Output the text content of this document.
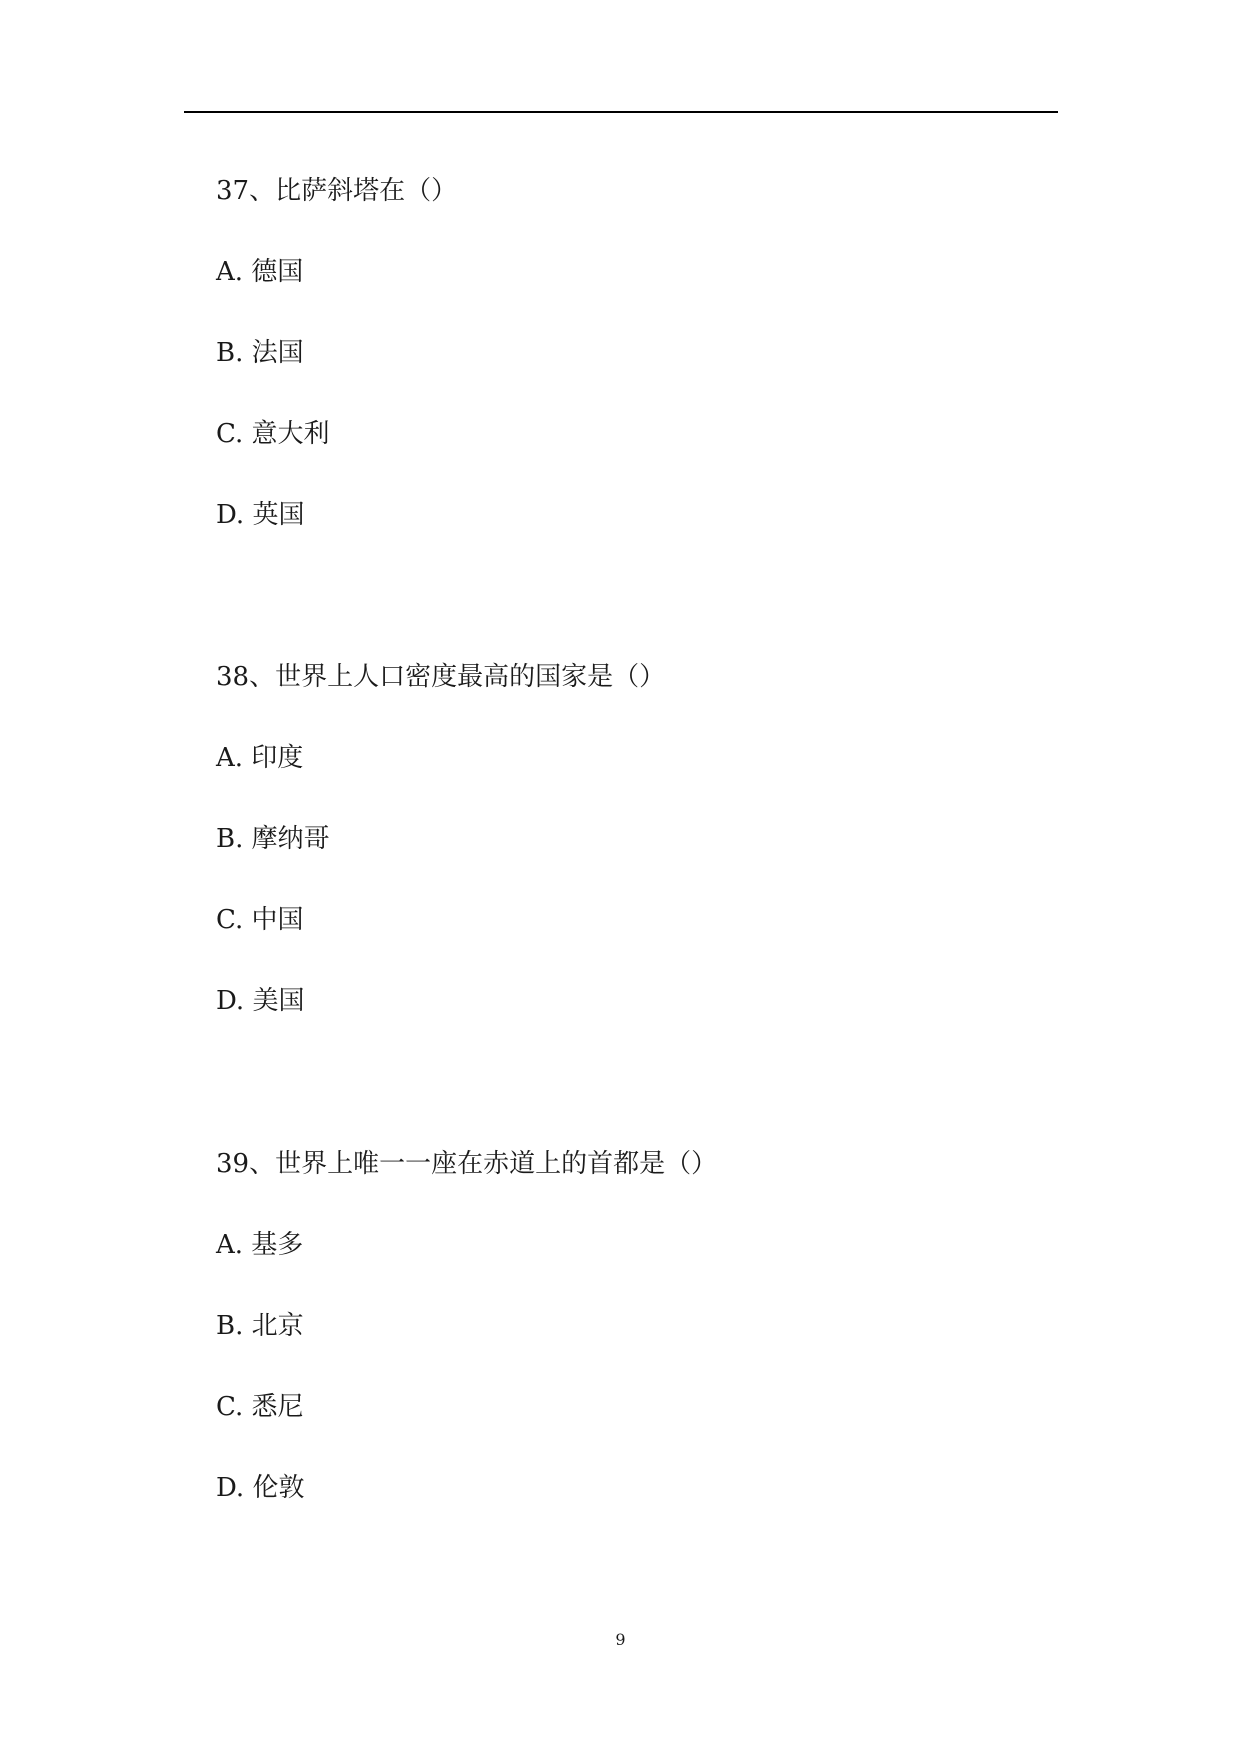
37、比萨斜塔在（）
A. 德国
B. 法国
C. 意大利
D. 英国
38、世界上人口密度最高的国家是（）
A. 印度
B. 摩纳哥
C. 中国
D. 美国
39、世界上唯一一座在赤道上的首都是（）
A. 基多
B. 北京
C. 悉尼
D. 伦敦
9
